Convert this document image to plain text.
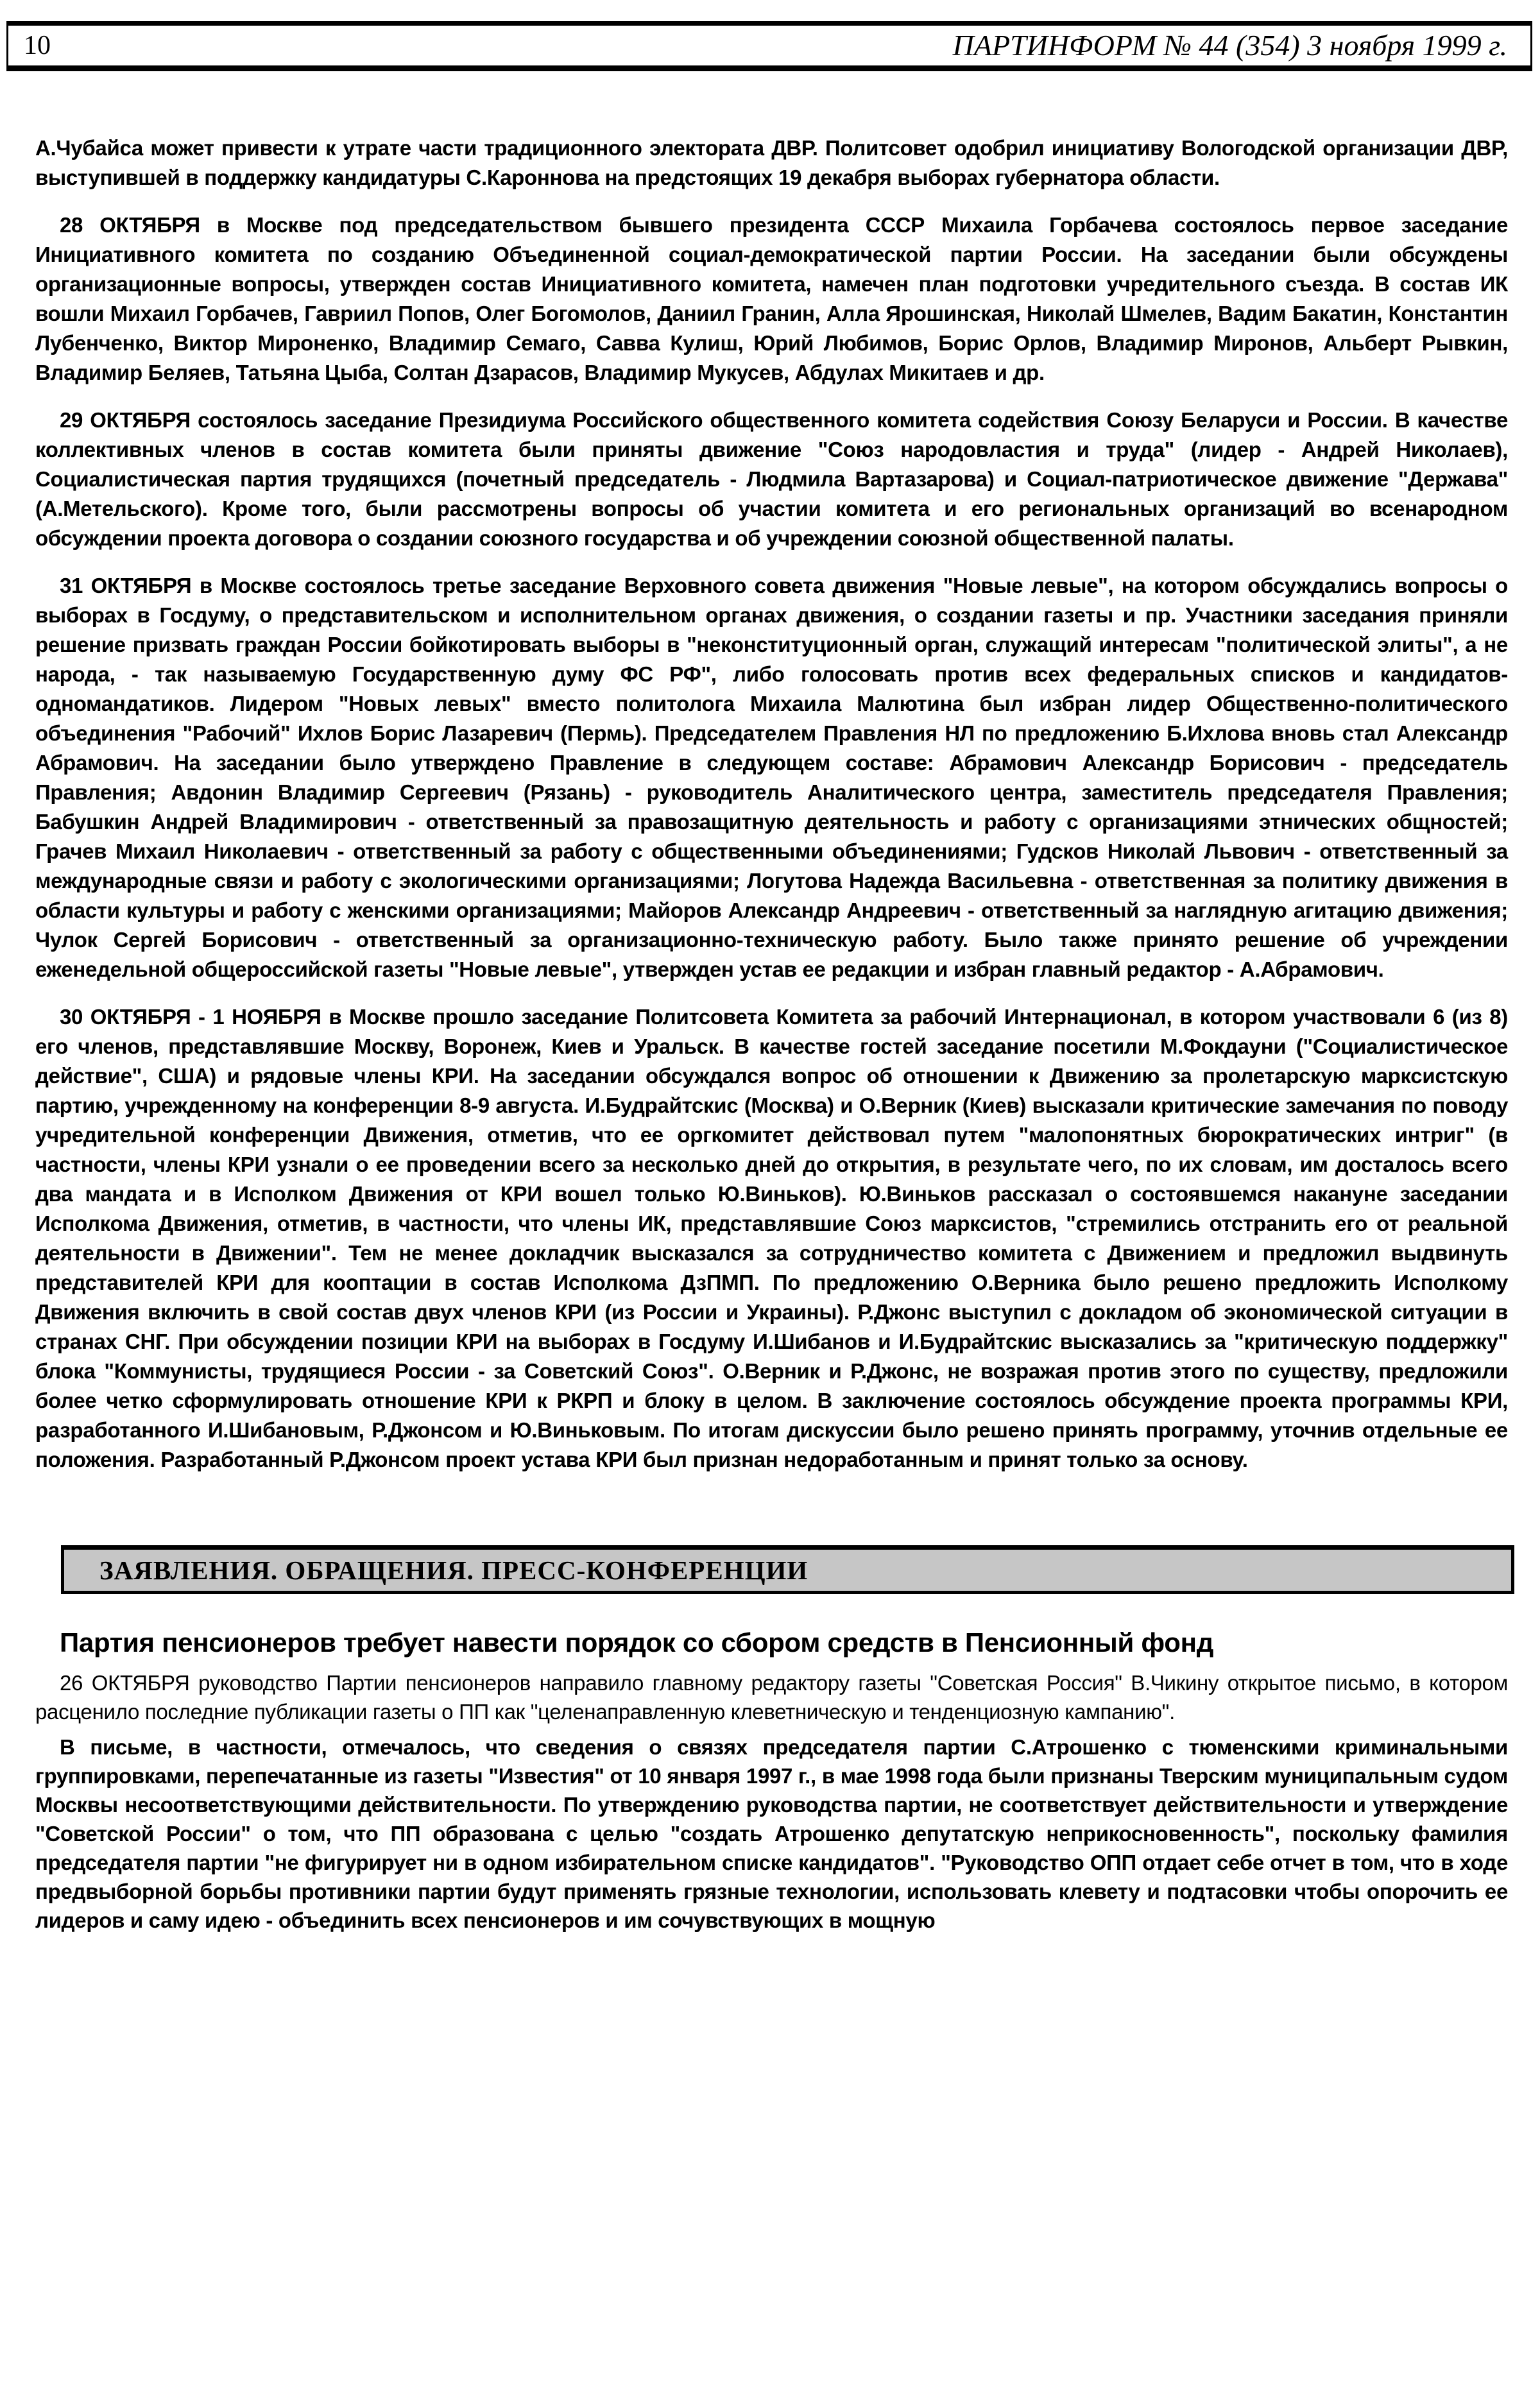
10	ПАРТИНФОРМ № 44 (354) 3 ноября 1999 г.

А.Чубайса может привести к утрате части традиционного электората ДВР. Политсовет одобрил инициативу Вологодской организации ДВР, выступившей в поддержку кандидатуры С.Кароннова на предстоящих 19 декабря выборах губернатора области.

28 ОКТЯБРЯ в Москве под председательством бывшего президента СССР Михаила Горбачева состоялось первое заседание Инициативного комитета по созданию Объединенной социал-демократической партии России. На заседании были обсуждены организационные вопросы, утвержден состав Инициативного комитета, намечен план подготовки учредительного съезда. В состав ИК вошли Михаил Горбачев, Гавриил Попов, Олег Богомолов, Даниил Гранин, Алла Ярошинская, Николай Шмелев, Вадим Бакатин, Константин Лубенченко, Виктор Мироненко, Владимир Семаго, Савва Кулиш, Юрий Любимов, Борис Орлов, Владимир Миронов, Альберт Рывкин, Владимир Беляев, Татьяна Цыба, Солтан Дзарасов, Владимир Мукусев, Абдулах Микитаев и др.

29 ОКТЯБРЯ состоялось заседание Президиума Российского общественного комитета содействия Союзу Беларуси и России. В качестве коллективных членов в состав комитета были приняты движение "Союз народовластия и труда" (лидер - Андрей Николаев), Социалистическая партия трудящихся (почетный председатель - Людмила Вартазарова) и Социал-патриотическое движение "Держава" (А.Метельского). Кроме того, были рассмотрены вопросы об участии комитета и его региональных организаций во всенародном обсуждении проекта договора о создании союзного государства и об учреждении союзной общественной палаты.

31 ОКТЯБРЯ в Москве состоялось третье заседание Верховного совета движения "Новые левые", на котором обсуждались вопросы о выборах в Госдуму, о представительском и исполнительном органах движения, о создании газеты и пр. Участники заседания приняли решение призвать граждан России бойкотировать выборы в "неконституционный орган, служащий интересам "политической элиты", а не народа, - так называемую Государственную думу ФС РФ", либо голосовать против всех федеральных списков и кандидатов-одномандатиков. Лидером "Новых левых" вместо политолога Михаила Малютина был избран лидер Общественно-политического объединения "Рабочий" Ихлов Борис Лазаревич (Пермь). Председателем Правления НЛ по предложению Б.Ихлова вновь стал Александр Абрамович. На заседании было утверждено Правление в следующем составе: Абрамович Александр Борисович - председатель Правления; Авдонин Владимир Сергеевич (Рязань) - руководитель Аналитического центра, заместитель председателя Правления; Бабушкин Андрей Владимирович - ответственный за правозащитную деятельность и работу с организациями этнических общностей; Грачев Михаил Николаевич - ответственный за работу с общественными объединениями; Гудсков Николай Львович - ответственный за международные связи и работу с экологическими организациями; Логутова Надежда Васильевна - ответственная за политику движения в области культуры и работу с женскими организациями; Майоров Александр Андреевич - ответственный за наглядную агитацию движения; Чулок Сергей Борисович - ответственный за организационно-техническую работу. Было также принято решение об учреждении еженедельной общероссийской газеты "Новые левые", утвержден устав ее редакции и избран главный редактор - А.Абрамович.

30 ОКТЯБРЯ - 1 НОЯБРЯ в Москве прошло заседание Политсовета Комитета за рабочий Интернационал, в котором участвовали 6 (из 8) его членов, представлявшие Москву, Воронеж, Киев и Уральск. В качестве гостей заседание посетили М.Фокдауни ("Социалистическое действие", США) и рядовые члены КРИ. На заседании обсуждался вопрос об отношении к Движению за пролетарскую марксистскую партию, учрежденному на конференции 8-9 августа. И.Будрайтскис (Москва) и О.Верник (Киев) высказали критические замечания по поводу учредительной конференции Движения, отметив, что ее оргкомитет действовал путем "малопонятных бюрократических интриг" (в частности, члены КРИ узнали о ее проведении всего за несколько дней до открытия, в результате чего, по их словам, им досталось всего два мандата и в Исполком Движения от КРИ вошел только Ю.Виньков). Ю.Виньков рассказал о состоявшемся накануне заседании Исполкома Движения, отметив, в частности, что члены ИК, представлявшие Союз марксистов, "стремились отстранить его от реальной деятельности в Движении". Тем не менее докладчик высказался за сотрудничество комитета с Движением и предложил выдвинуть представителей КРИ для кооптации в состав Исполкома ДзПМП. По предложению О.Верника было решено предложить Исполкому Движения включить в свой состав двух членов КРИ (из России и Украины). Р.Джонс выступил с докладом об экономической ситуации в странах СНГ. При обсуждении позиции КРИ на выборах в Госдуму И.Шибанов и И.Будрайтскис высказались за "критическую поддержку" блока "Коммунисты, трудящиеся России - за Советский Союз". О.Верник и Р.Джонс, не возражая против этого по существу, предложили более четко сформулировать отношение КРИ к РКРП и блоку в целом. В заключение состоялось обсуждение проекта программы КРИ, разработанного И.Шибановым, Р.Джонсом и Ю.Виньковым. По итогам дискуссии было решено принять программу, уточнив отдельные ее положения. Разработанный Р.Джонсом проект устава КРИ был признан недоработанным и принят только за основу.

ЗАЯВЛЕНИЯ. ОБРАЩЕНИЯ. ПРЕСС-КОНФЕРЕНЦИИ
Партия пенсионеров требует навести порядок со сбором средств в Пенсионный фонд

26 ОКТЯБРЯ руководство Партии пенсионеров направило главному редактору газеты "Советская Россия" В.Чикину открытое письмо, в котором расценило последние публикации газеты о ПП как "целенаправленную клеветническую и тенденциозную кампанию".

В письме, в частности, отмечалось, что сведения о связях председателя партии С.Атрошенко с тюменскими криминальными группировками, перепечатанные из газеты "Известия" от 10 января 1997 г., в мае 1998 года были признаны Тверским муниципальным судом Москвы несоответствующими действительности. По утверждению руководства партии, не соответствует действительности и утверждение "Советской России" о том, что ПП образована с целью "создать Атрошенко депутатскую неприкосновенность", поскольку фамилия председателя партии "не фигурирует ни в одном избирательном списке кандидатов". "Руководство ОПП отдает себе отчет в том, что в ходе предвыборной борьбы противники партии будут применять грязные технологии, использовать клевету и подтасовки чтобы опорочить ее лидеров и саму идею - объединить всех пенсионеров и им сочувствующих в мощную
